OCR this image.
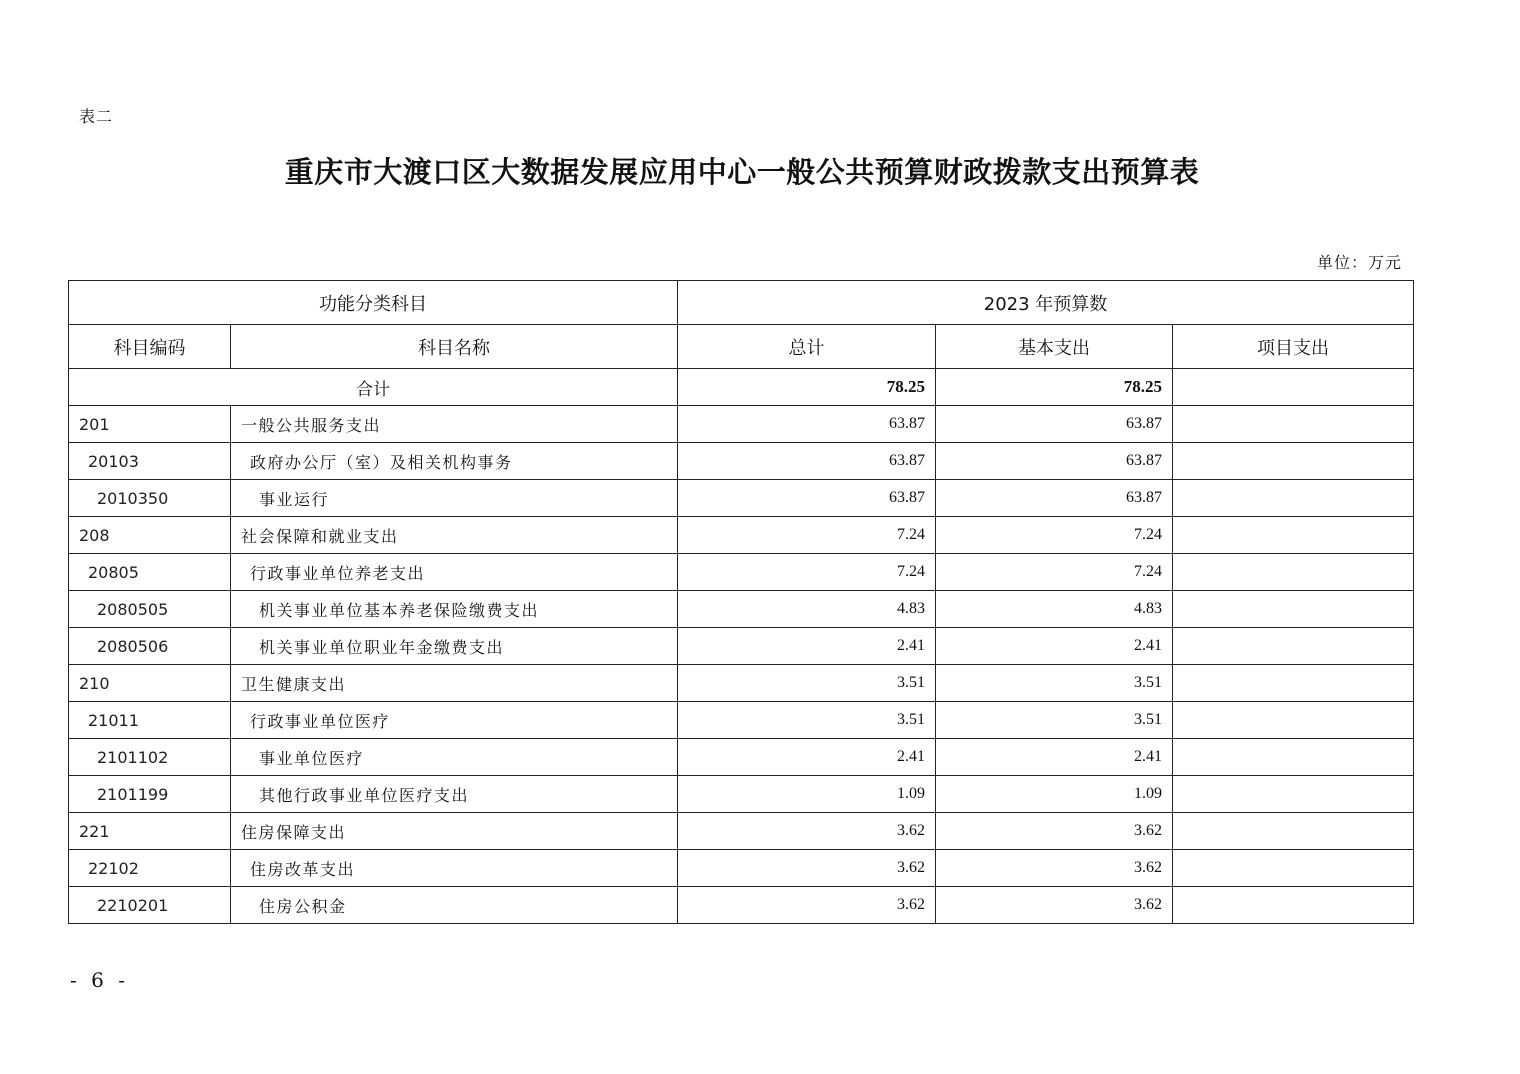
表二
重庆市大渡口区大数据发展应用中心一般公共预算财政拨款支出预算表
单位：万元
功能分类科目		2023 年预算数		
科目编码	科目名称	总计	基本支出	项目支出
合计		78.25	78.25	
201	一般公共服务支出	63.87	63.87	
20103	政府办公厅（室）及相关机构事务	63.87	63.87	
2010350	事业运行	63.87	63.87	
208	社会保障和就业支出	7.24	7.24	
20805	行政事业单位养老支出	7.24	7.24	
2080505	机关事业单位基本养老保险缴费支出	4.83	4.83	
2080506	机关事业单位职业年金缴费支出	2.41	2.41	
210	卫生健康支出	3.51	3.51	
21011	行政事业单位医疗	3.51	3.51	
2101102	事业单位医疗	2.41	2.41	
2101199	其他行政事业单位医疗支出	1.09	1.09	
221	住房保障支出	3.62	3.62	
22102	住房改革支出	3.62	3.62	
2210201	住房公积金	3.62	3.62	
- 6 -
